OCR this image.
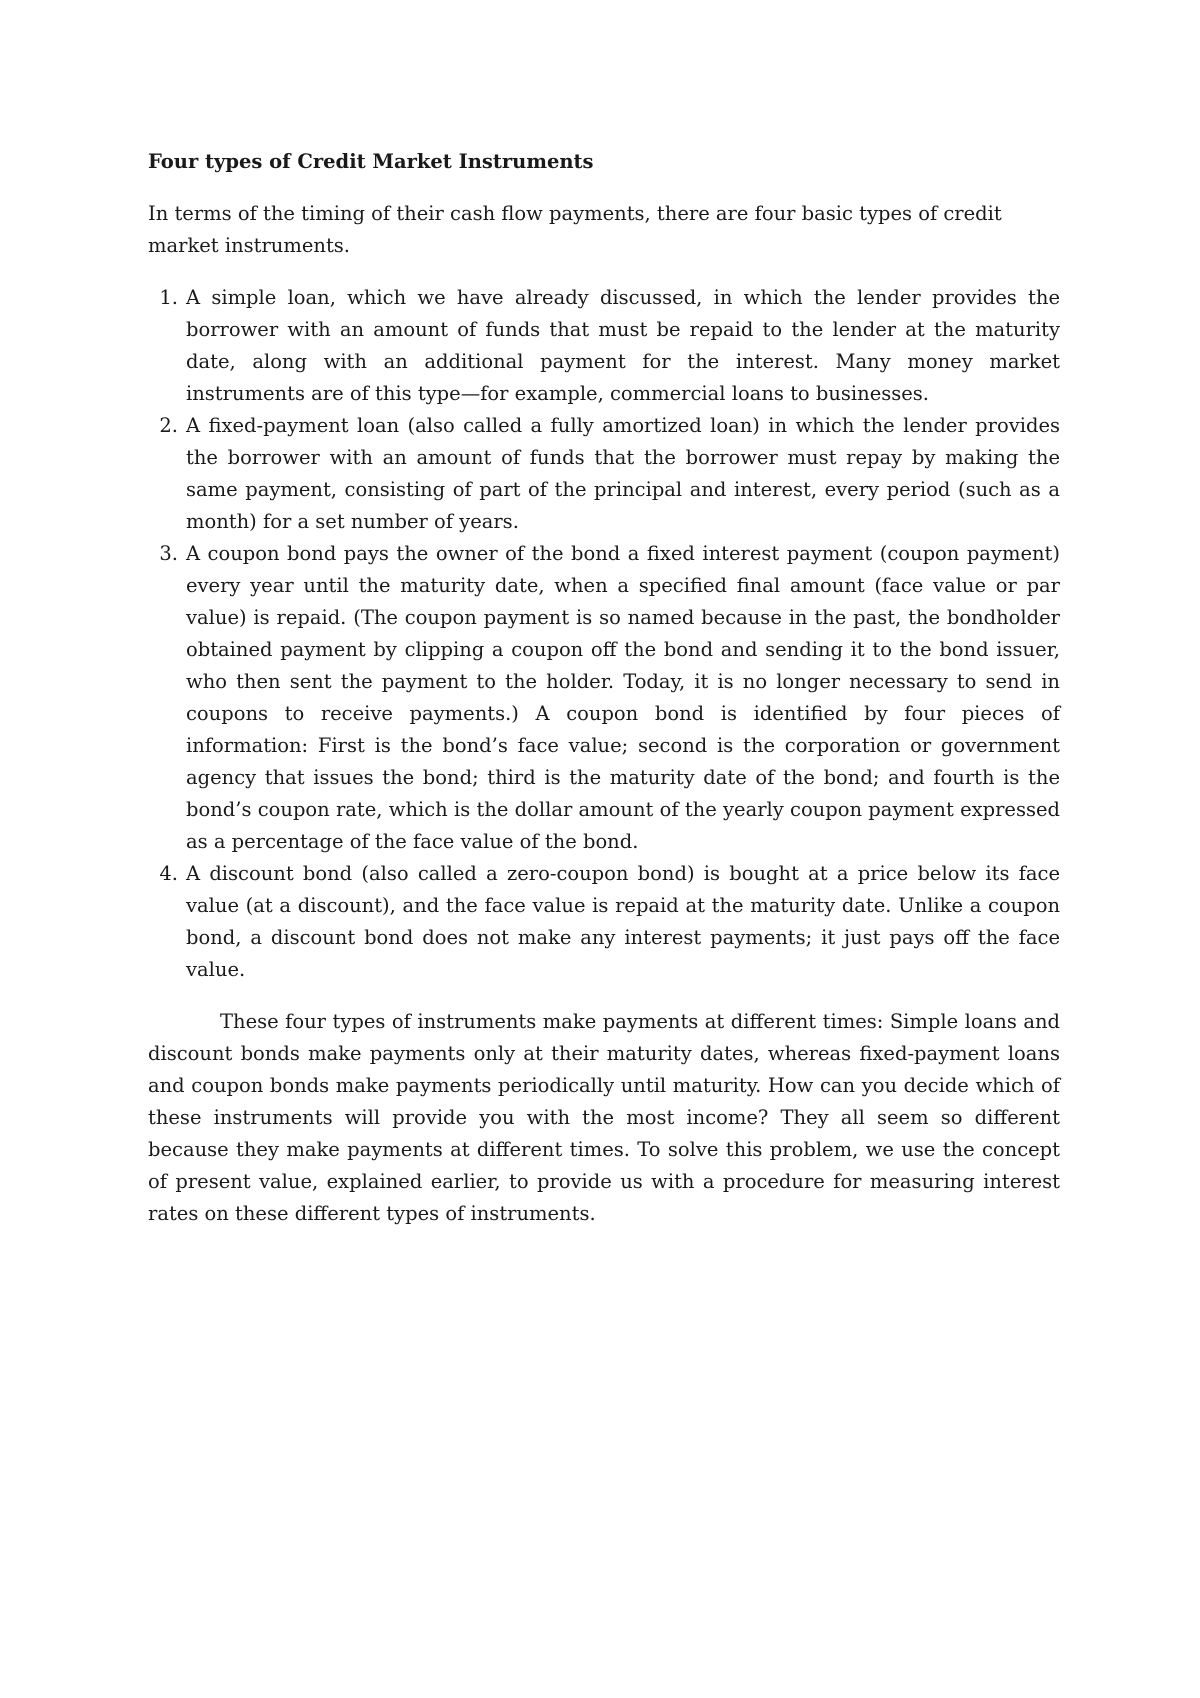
Four types of Credit Market Instruments

In terms of the timing of their cash flow payments, there are four basic types of credit market instruments.

1. A simple loan, which we have already discussed, in which the lender provides the borrower with an amount of funds that must be repaid to the lender at the maturity date, along with an additional payment for the interest. Many money market instruments are of this type—for example, commercial loans to businesses.
2. A fixed-payment loan (also called a fully amortized loan) in which the lender provides the borrower with an amount of funds that the borrower must repay by making the same payment, consisting of part of the principal and interest, every period (such as a month) for a set number of years.
3. A coupon bond pays the owner of the bond a fixed interest payment (coupon payment) every year until the maturity date, when a specified final amount (face value or par value) is repaid. (The coupon payment is so named because in the past, the bondholder obtained payment by clipping a coupon off the bond and sending it to the bond issuer, who then sent the payment to the holder. Today, it is no longer necessary to send in coupons to receive payments.) A coupon bond is identified by four pieces of information: First is the bond’s face value; second is the corporation or government agency that issues the bond; third is the maturity date of the bond; and fourth is the bond’s coupon rate, which is the dollar amount of the yearly coupon payment expressed as a percentage of the face value of the bond.
4. A discount bond (also called a zero-coupon bond) is bought at a price below its face value (at a discount), and the face value is repaid at the maturity date. Unlike a coupon bond, a discount bond does not make any interest payments; it just pays off the face value.

These four types of instruments make payments at different times: Simple loans and discount bonds make payments only at their maturity dates, whereas fixed-payment loans and coupon bonds make payments periodically until maturity. How can you decide which of these instruments will provide you with the most income? They all seem so different because they make payments at different times. To solve this problem, we use the concept of present value, explained earlier, to provide us with a procedure for measuring interest rates on these different types of instruments.
